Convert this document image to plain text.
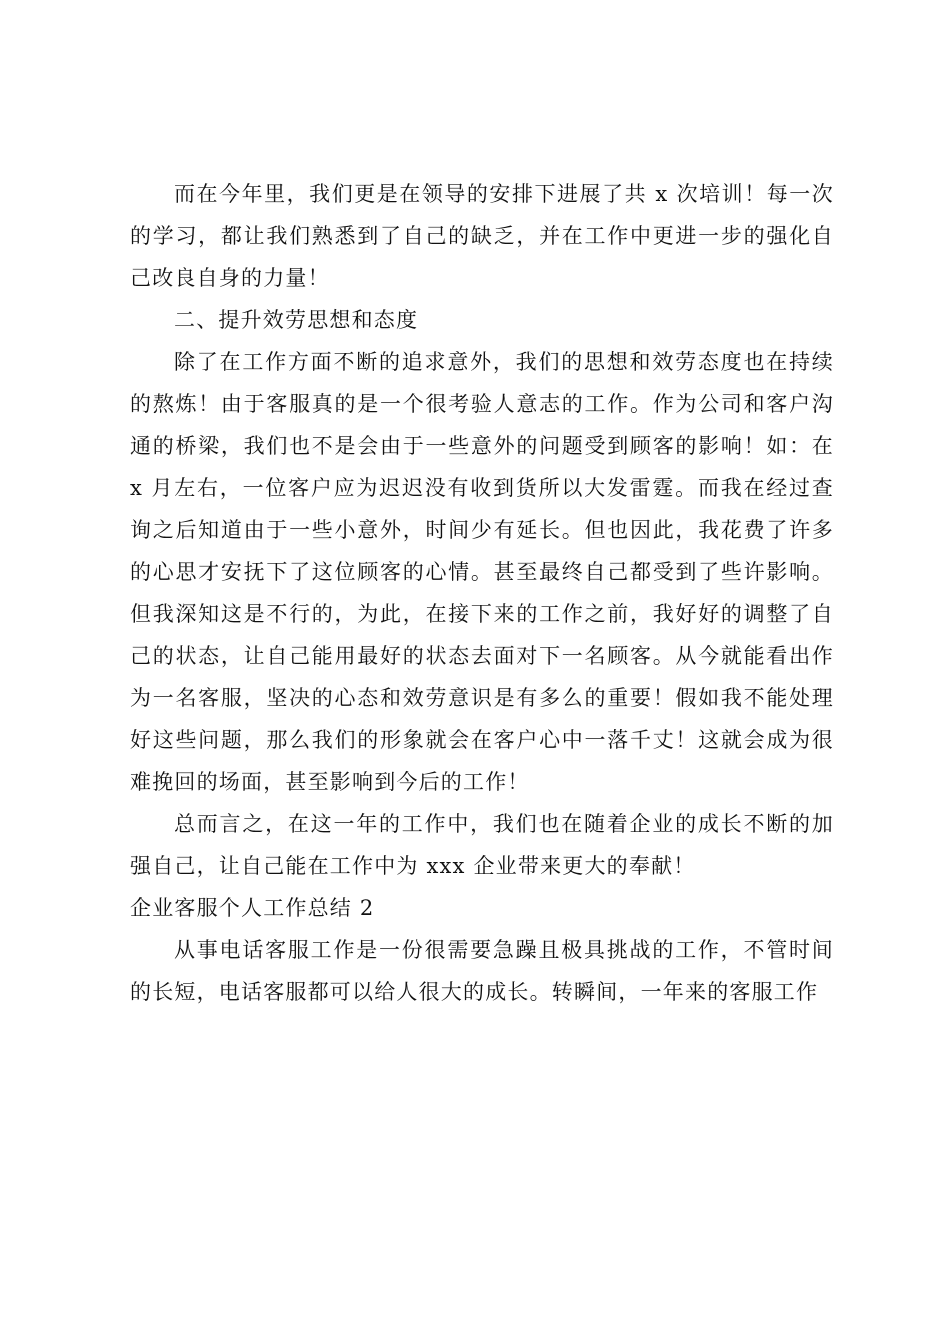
而在今年里，我们更是在领导的安排下进展了共 x 次培训！每一次的学习，都让我们熟悉到了自己的缺乏，并在工作中更进一步的强化自己改良自身的力量！

二、提升效劳思想和态度

除了在工作方面不断的追求意外，我们的思想和效劳态度也在持续的熬炼！由于客服真的是一个很考验人意志的工作。作为公司和客户沟通的桥梁，我们也不是会由于一些意外的问题受到顾客的影响！如：在 x 月左右，一位客户应为迟迟没有收到货所以大发雷霆。而我在经过查询之后知道由于一些小意外，时间少有延长。但也因此，我花费了许多的心思才安抚下了这位顾客的心情。甚至最终自己都受到了些许影响。但我深知这是不行的，为此，在接下来的工作之前，我好好的调整了自己的状态，让自己能用最好的状态去面对下一名顾客。从今就能看出作为一名客服，坚决的心态和效劳意识是有多么的重要！假如我不能处理好这些问题，那么我们的形象就会在客户心中一落千丈！这就会成为很难挽回的场面，甚至影响到今后的工作！

总而言之，在这一年的工作中，我们也在随着企业的成长不断的加强自己，让自己能在工作中为 xxx 企业带来更大的奉献！

企业客服个人工作总结 2

从事电话客服工作是一份很需要急躁且极具挑战的工作，不管时间的长短，电话客服都可以给人很大的成长。转瞬间，一年来的客服工作
